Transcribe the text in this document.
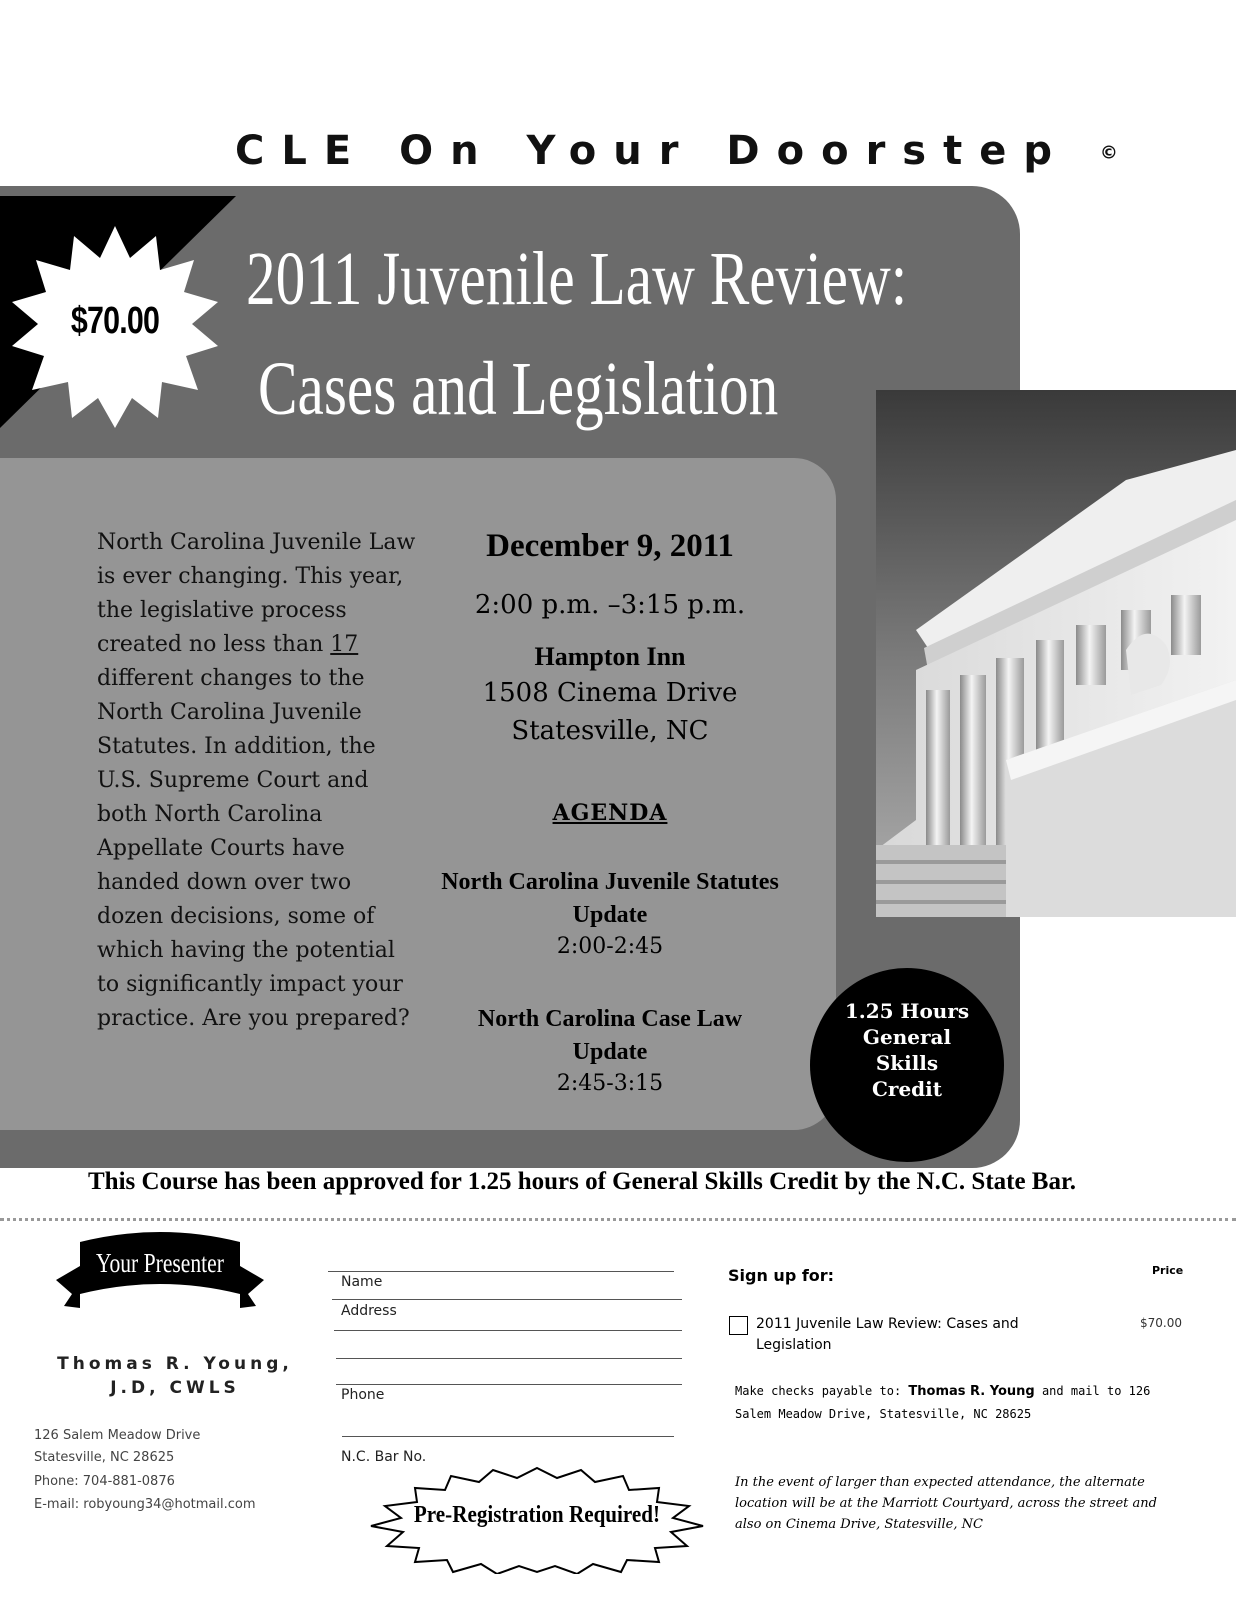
CLE On Your Doorstep ©
$70.00	2011 Juvenile Law Review:
Cases and Legislation
North Carolina Juvenile Law is ever changing. This year, the legislative process created no less than 17 different changes to the North Carolina Juvenile Statutes. In addition, the U.S. Supreme Court and both North Carolina Appellate Courts have handed down over two dozen decisions, some of which having the potential to significantly impact your practice. Are you prepared?
December 9, 2011
2:00 p.m. –3:15 p.m.
Hampton Inn
1508 Cinema Drive
Statesville, NC
AGENDA
North Carolina Juvenile Statutes Update
2:00-2:45
North Carolina Case Law Update
2:45-3:15
1.25 Hours
General
Skills
Credit
This Course has been approved for 1.25 hours of General Skills Credit by the N.C. State Bar.
Your Presenter
Thomas R. Young,
J.D, CWLS
126 Salem Meadow Drive
Statesville, NC 28625
Phone: 704-881-0876
E-mail: robyoung34@hotmail.com
Name
Address
Phone
N.C. Bar No.
Pre-Registration Required!
Sign up for:	Price
2011 Juvenile Law Review: Cases and Legislation
$70.00
Make checks payable to: Thomas R. Young and mail to 126 Salem Meadow Drive, Statesville, NC 28625
In the event of larger than expected attendance, the alternate location will be at the Marriott Courtyard, across the street and also on Cinema Drive, Statesville, NC
